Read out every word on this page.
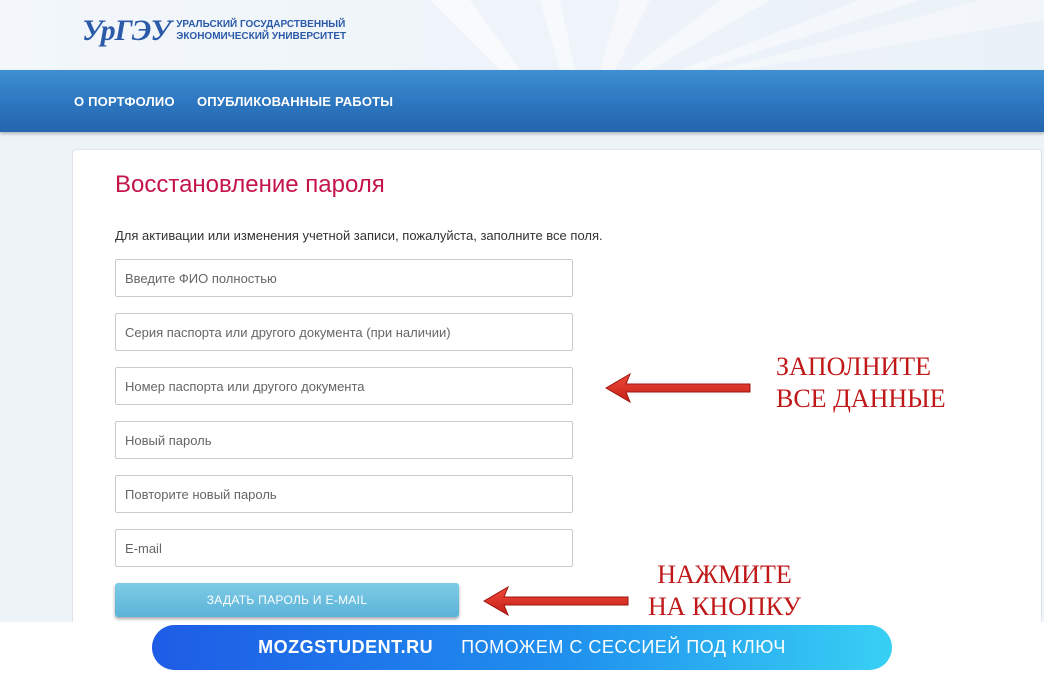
УрГЭУ УРАЛЬСКИЙ ГОСУДАРСТВЕННЫЙ
ЭКОНОМИЧЕСКИЙ УНИВЕРСИТЕТ
О ПОРТФОЛИО ОПУБЛИКОВАННЫЕ РАБОТЫ
Восстановление пароля
Для активации или изменения учетной записи, пожалуйста, заполните все поля.
Введите ФИО полностью
Серия паспорта или другого документа (при наличии)
Номер паспорта или другого документа
E-mail
ЗАДАТЬ ПАРОЛЬ И E-MAIL
ЗАПОЛНИТЕ
ВСЕ ДАННЫЕ
НАЖМИТЕ
НА КНОПКУ
MOZGSTUDENT.RU ПОМОЖЕМ С СЕССИЕЙ ПОД КЛЮЧ
